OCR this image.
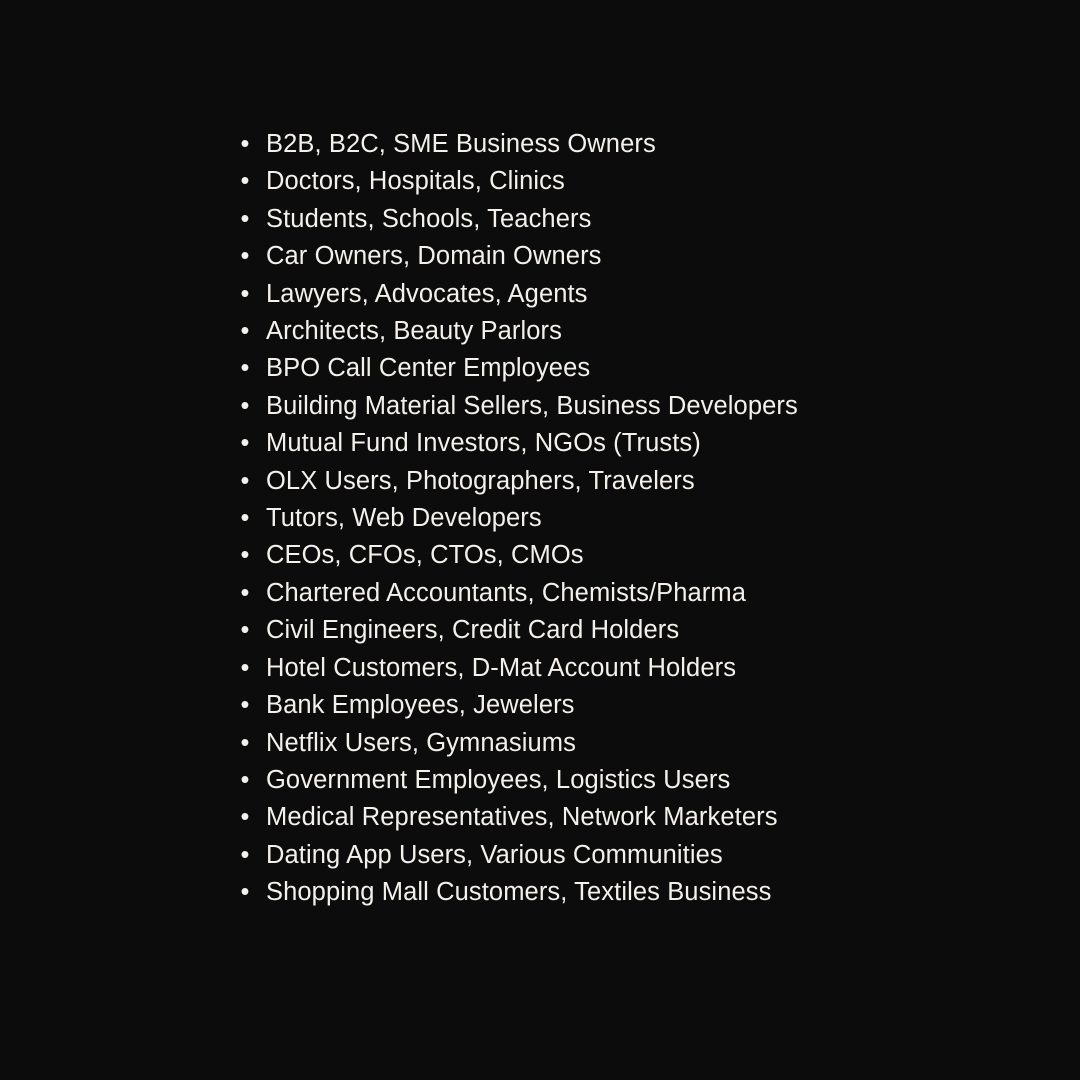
• B2B, B2C, SME Business Owners
• Doctors, Hospitals, Clinics
• Students, Schools, Teachers
• Car Owners, Domain Owners
• Lawyers, Advocates, Agents
• Architects, Beauty Parlors
• BPO Call Center Employees
• Building Material Sellers, Business Developers
• Mutual Fund Investors, NGOs (Trusts)
• OLX Users, Photographers, Travelers
• Tutors, Web Developers
• CEOs, CFOs, CTOs, CMOs
• Chartered Accountants, Chemists/Pharma
• Civil Engineers, Credit Card Holders
• Hotel Customers, D-Mat Account Holders
• Bank Employees, Jewelers
• Netflix Users, Gymnasiums
• Government Employees, Logistics Users
• Medical Representatives, Network Marketers
• Dating App Users, Various Communities
• Shopping Mall Customers, Textiles Business
